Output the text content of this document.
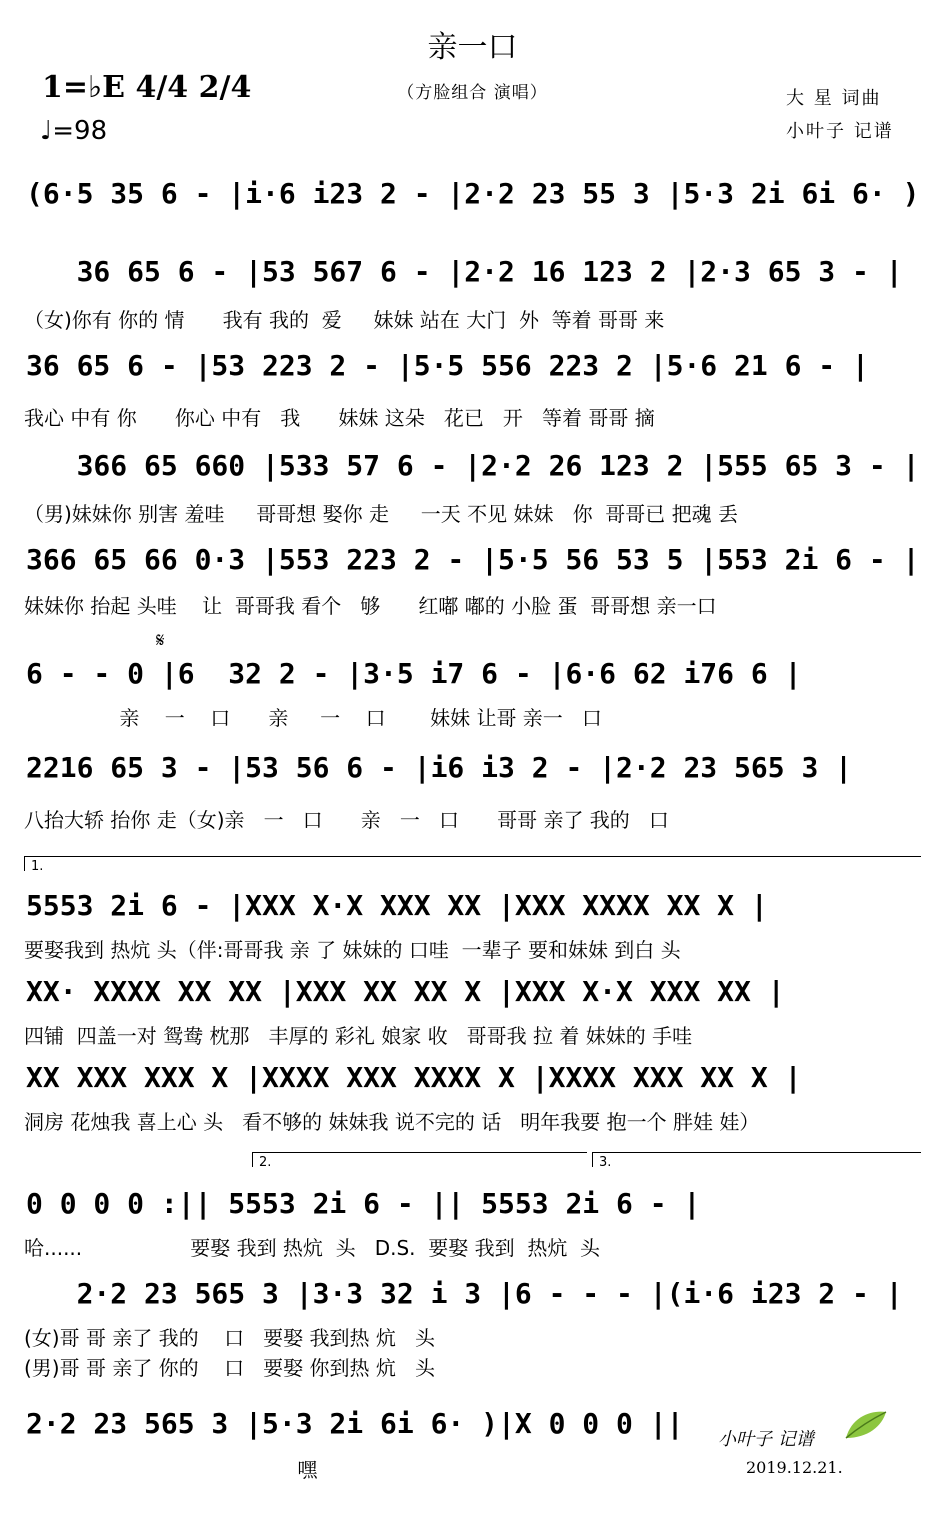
亲一口
（方脸组合 演唱）
1=♭E 4/4 2/4
♩=98
大 星 词曲
小叶子 记谱
(6·5 35 6 - |i·6 i23 2 - |2·2 23 55 3 |5·3 2i 6i 6· )
36 65 6 - |53 567 6 - |2·2 16 123 2 |2·3 65 3 - |
（女)你有 你的 情      我有 我的  爱     妹妹 站在 大门  外  等着 哥哥 来
36 65 6 - |53 223 2 - |5·5 556 223 2 |5·6 21 6 - |
我心 中有 你      你心 中有   我      妹妹 这朵   花已   开   等着 哥哥 摘
366 65 660 |533 57 6 - |2·2 26 123 2 |555 65 3 - |
（男)妹妹你 别害 羞哇     哥哥想 娶你 走     一天 不见 妹妹   你  哥哥已 把魂 丢
366 65 66 0·3 |553 223 2 - |5·5 56 53 5 |553 2i 6 - |
妹妹你 抬起 头哇    让  哥哥我 看个   够      红嘟 嘟的 小脸 蛋  哥哥想 亲一口
𝄋
6 - - 0 |6  32 2 - |3·5 i7 6 - |6·6 62 i76 6 |
亲    一    口      亲     一    口       妹妹 让哥 亲一   口
2216 65 3 - |53 56 6 - |i6 i3 2 - |2·2 23 565 3 |
八抬大轿 抬你 走（女)亲   一   口      亲   一   口      哥哥 亲了 我的   口
1.
5553 2i 6 - |XXX X·X XXX XX |XXX XXXX XX X |
要娶我到 热炕 头（伴:哥哥我 亲 了 妹妹的 口哇  一辈子 要和妹妹 到白 头
XX· XXXX XX XX |XXX XX XX X |XXX X·X XXX XX |
四铺  四盖一对 鸳鸯 枕那   丰厚的 彩礼 娘家 收   哥哥我 拉 着 妹妹的 手哇
XX XXX XXX X |XXXX XXX XXXX X |XXXX XXX XX X |
洞房 花烛我 喜上心 头   看不够的 妹妹我 说不完的 话   明年我要 抱一个 胖娃 娃）
2.	3.
0 0 0 0 :|| 5553 2i 6 - || 5553 2i 6 - |
哈......                 要娶 我到 热炕  头   D.S.  要娶 我到  热炕  头
2·2 23 565 3 |3·3 32 i 3 |6 - - - |(i·6 i23 2 - |
(女)哥 哥 亲了 我的    口   要娶 我到热 炕   头
(男)哥 哥 亲了 你的    口   要娶 你到热 炕   头
2·2 23 565 3 |5·3 2i 6i 6· )|X 0 0 0 ||
嘿
小叶子 记谱
2019.12.21.
